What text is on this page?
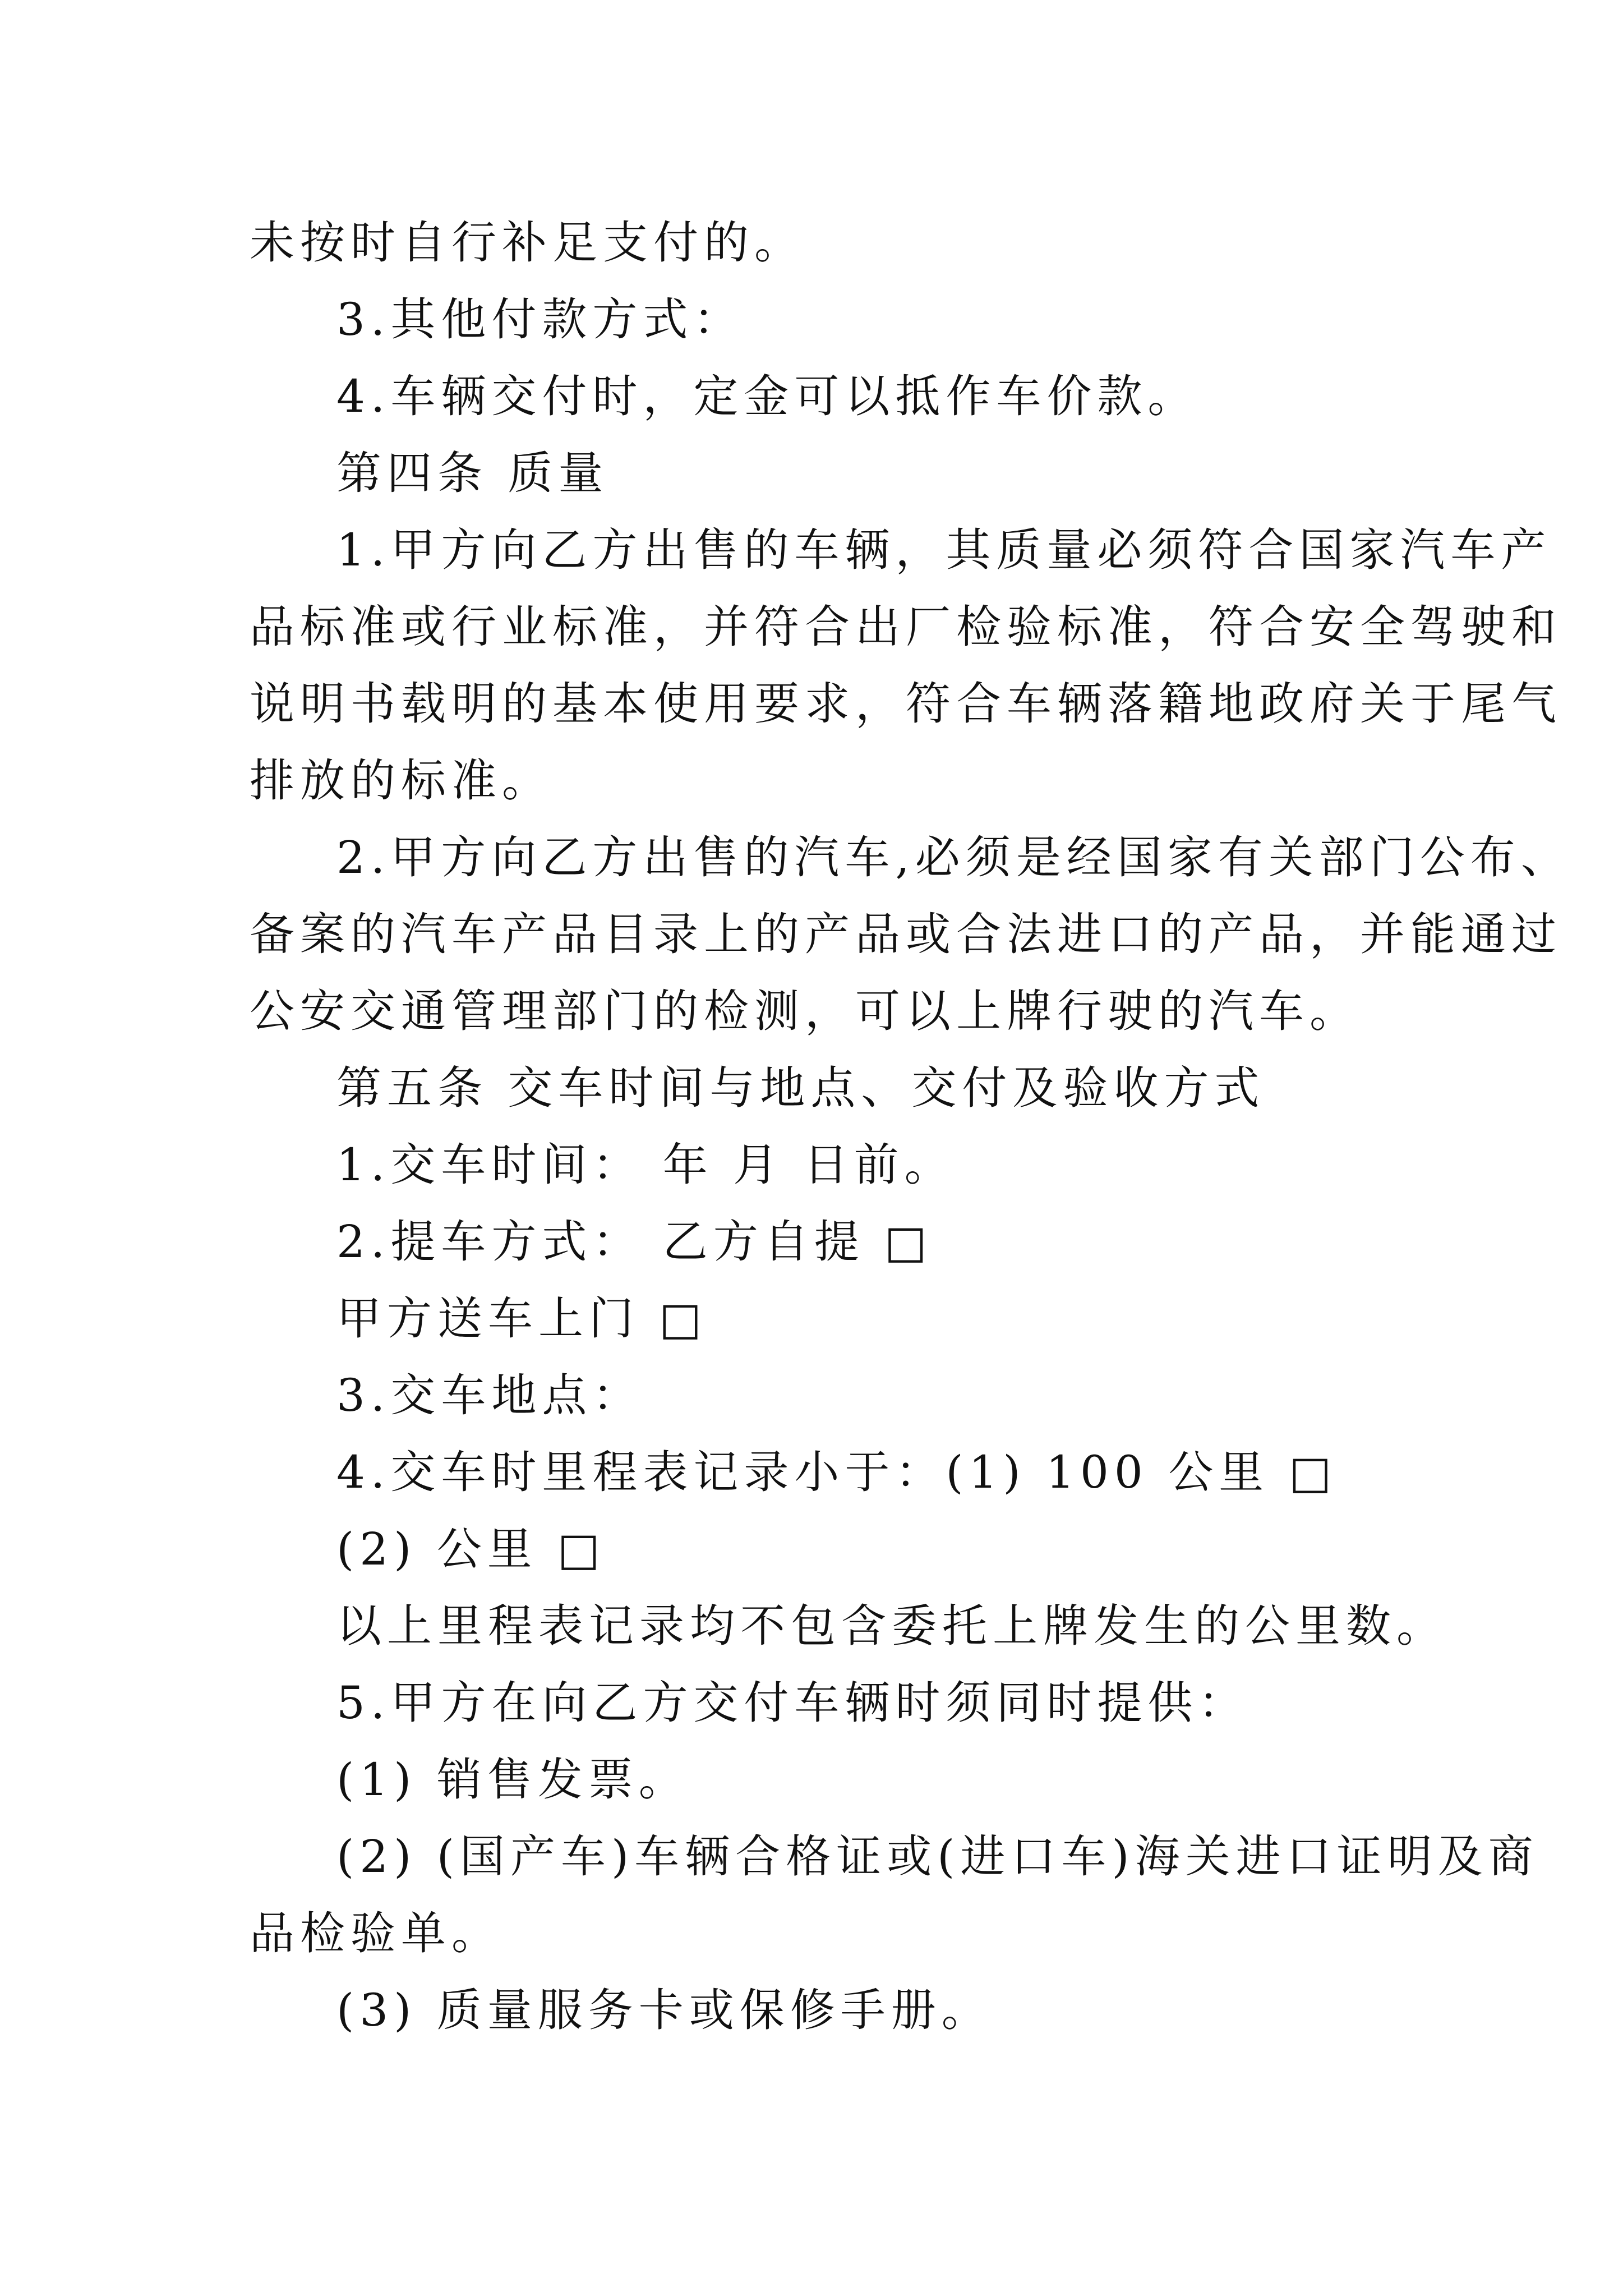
未按时自行补足支付的。
3.其他付款方式：
4.车辆交付时，定金可以抵作车价款。
第四条 质量
1.甲方向乙方出售的车辆，其质量必须符合国家汽车产
品标准或行业标准，并符合出厂检验标准，符合安全驾驶和
说明书载明的基本使用要求，符合车辆落籍地政府关于尾气
排放的标准。
2.甲方向乙方出售的汽车,必须是经国家有关部门公布、
备案的汽车产品目录上的产品或合法进口的产品，并能通过
公安交通管理部门的检测，可以上牌行驶的汽车。
第五条 交车时间与地点、交付及验收方式
1.交车时间： 年 月 日前。
2.提车方式： 乙方自提 □
甲方送车上门 □
3.交车地点：
4.交车时里程表记录小于：(1) 100 公里 □
(2) 公里 □
以上里程表记录均不包含委托上牌发生的公里数。
5.甲方在向乙方交付车辆时须同时提供：
(1) 销售发票。
(2) (国产车)车辆合格证或(进口车)海关进口证明及商
品检验单。
(3) 质量服务卡或保修手册。
